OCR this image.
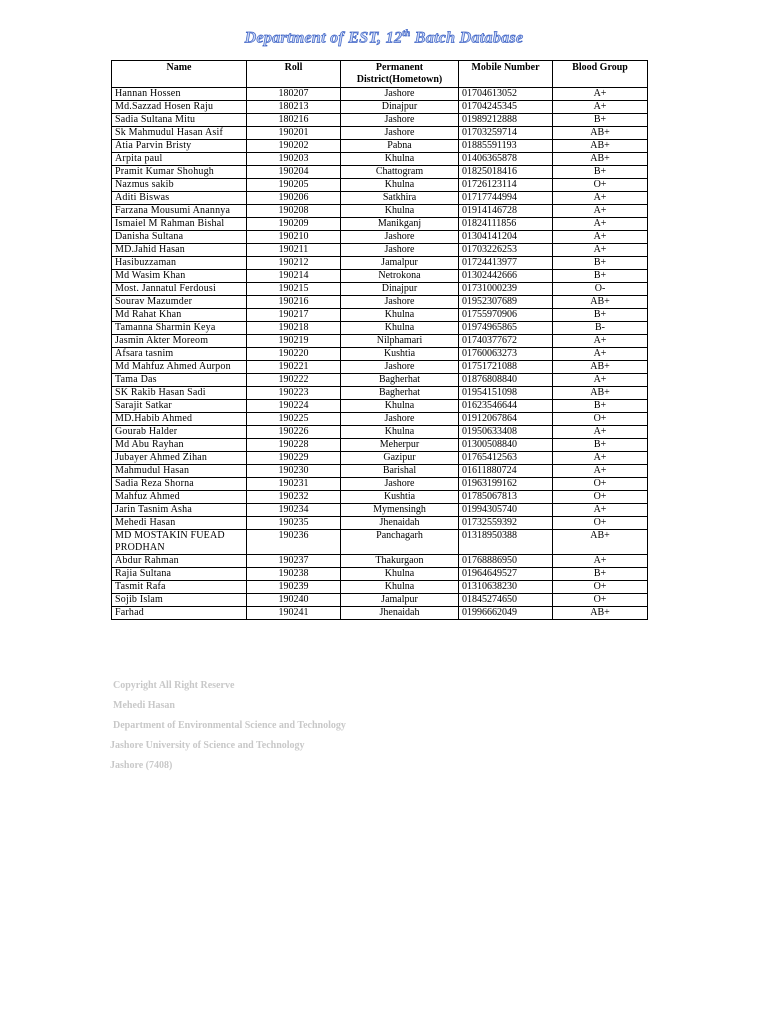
Department of EST, 12th Batch Database
Name	Roll	Permanent District(Hometown)	Mobile Number	Blood Group
Hannan Hossen	180207	Jashore	01704613052	A+
Md.Sazzad Hosen Raju	180213	Dinajpur	01704245345	A+
Sadia Sultana Mitu	180216	Jashore	01989212888	B+
Sk Mahmudul Hasan Asif	190201	Jashore	01703259714	AB+
Atia Parvin Bristy	190202	Pabna	01885591193	AB+
Arpita paul	190203	Khulna	01406365878	AB+
Pramit Kumar Shohugh	190204	Chattogram	01825018416	B+
Nazmus sakib	190205	Khulna	01726123114	O+
Aditi Biswas	190206	Satkhira	01717744994	A+
Farzana Mousumi Anannya	190208	Khulna	01914146728	A+
Ismaiel M Rahman Bishal	190209	Manikganj	01824111856	A+
Danisha Sultana	190210	Jashore	01304141204	A+
MD.Jahid Hasan	190211	Jashore	01703226253	A+
Hasibuzzaman	190212	Jamalpur	01724413977	B+
Md Wasim Khan	190214	Netrokona	01302442666	B+
Most. Jannatul Ferdousi	190215	Dinajpur	01731000239	O-
Sourav Mazumder	190216	Jashore	01952307689	AB+
Md Rahat Khan	190217	Khulna	01755970906	B+
Tamanna Sharmin Keya	190218	Khulna	01974965865	B-
Jasmin Akter Moreom	190219	Nilphamari	01740377672	A+
Afsara tasnim	190220	Kushtia	01760063273	A+
Md Mahfuz Ahmed Aurpon	190221	Jashore	01751721088	AB+
Tama Das	190222	Bagherhat	01876808840	A+
SK Rakib Hasan Sadi	190223	Bagherhat	01954151098	AB+
Sarajit Satkar	190224	Khulna	01623546644	B+
MD.Habib Ahmed	190225	Jashore	01912067864	O+
Gourab Halder	190226	Khulna	01950633408	A+
Md Abu Rayhan	190228	Meherpur	01300508840	B+
Jubayer Ahmed Zihan	190229	Gazipur	01765412563	A+
Mahmudul Hasan	190230	Barishal	01611880724	A+
Sadia Reza Shorna	190231	Jashore	01963199162	O+
Mahfuz Ahmed	190232	Kushtia	01785067813	O+
Jarin Tasnim Asha	190234	Mymensingh	01994305740	A+
Mehedi Hasan	190235	Jhenaidah	01732559392	O+
MD MOSTAKIN FUEAD PRODHAN	190236	Panchagarh	01318950388	AB+
Abdur Rahman	190237	Thakurgaon	01768886950	A+
Rajia Sultana	190238	Khulna	01964649527	B+
Tasmit Rafa	190239	Khulna	01310638230	O+
Sojib Islam	190240	Jamalpur	01845274650	O+
Farhad	190241	Jhenaidah	01996662049	AB+
Copyright All Right Reserve
Mehedi Hasan
Department of Environmental Science and Technology
Jashore University of Science and Technology
Jashore (7408)
